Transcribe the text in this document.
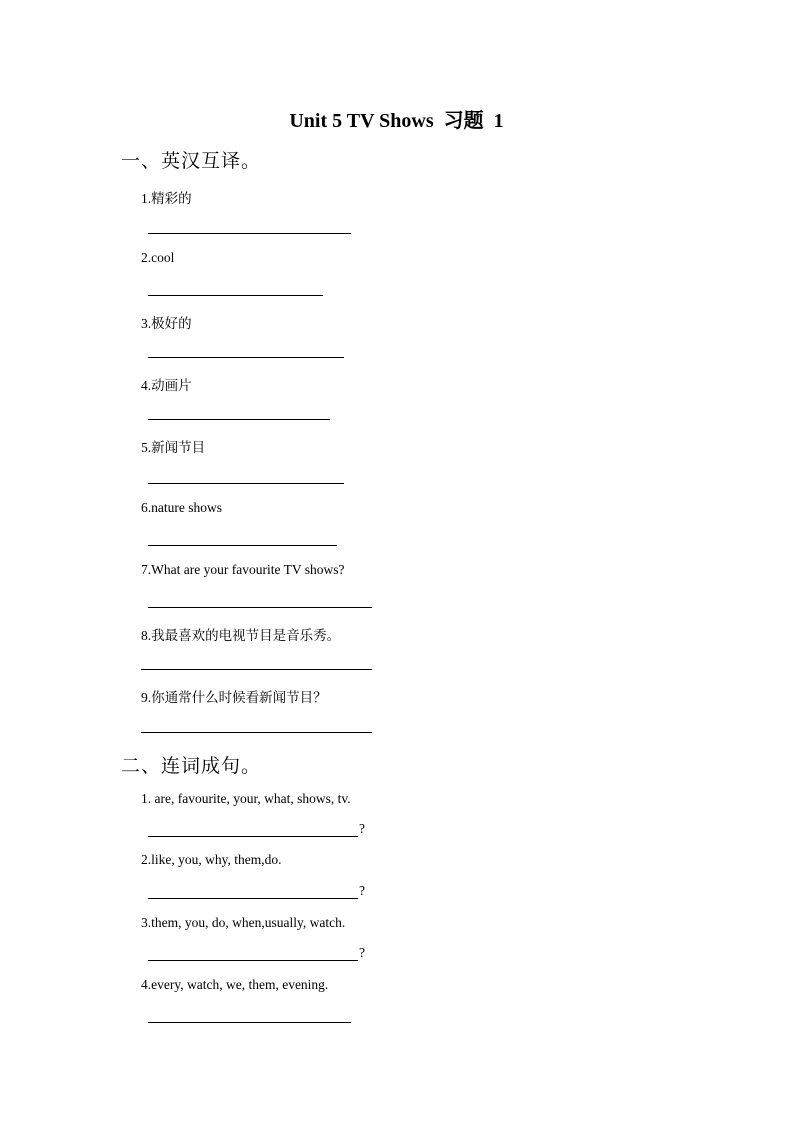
Unit 5 TV Shows  习题  1
一、英汉互译。
1.精彩的
2.cool
3.极好的
4.动画片
5.新闻节目
6.nature shows
7.What are your favourite TV shows?
8.我最喜欢的电视节目是音乐秀。
9.你通常什么时候看新闻节目？
二、连词成句。
1. are, favourite, your, what, shows, tv.
?
2.like, you, why, them,do.
?
3.them, you, do, when,usually, watch.
?
4.every, watch, we, them, evening.
